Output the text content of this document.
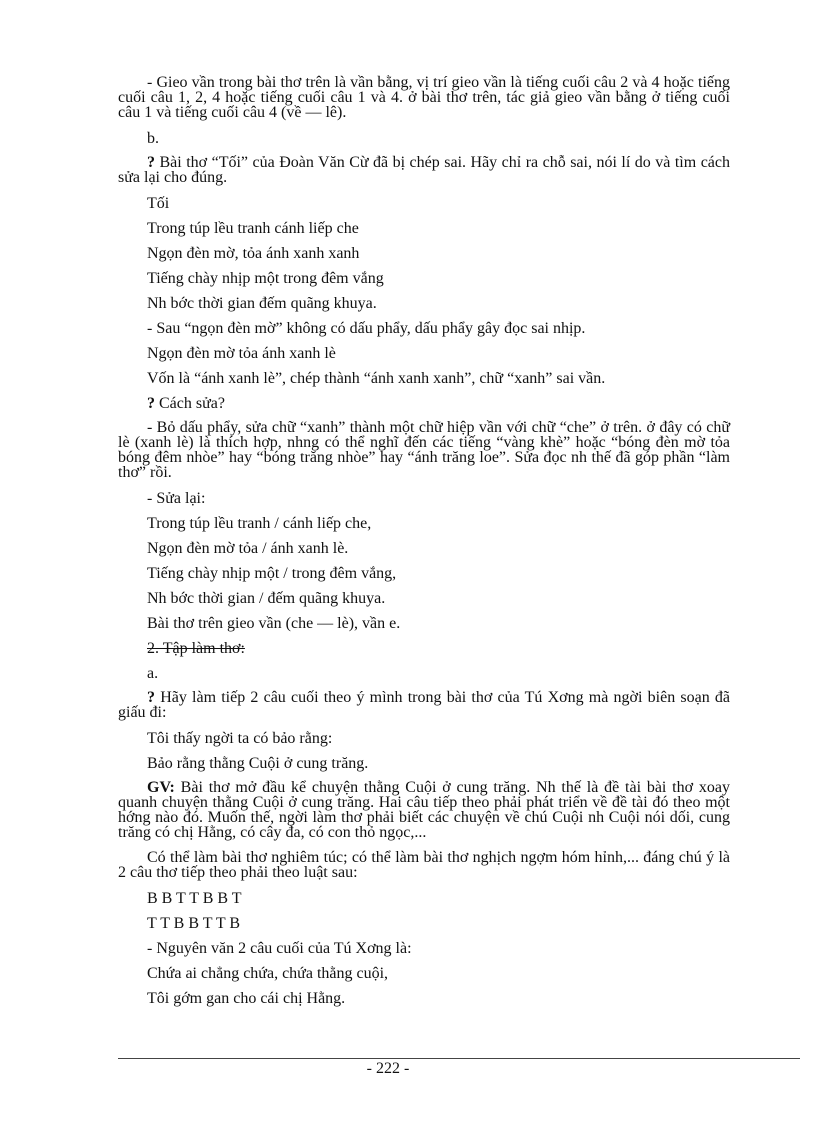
- Gieo vần trong bài thơ trên là vần bằng, vị trí gieo vần là tiếng cuối câu 2 và 4 hoặc tiếng cuối câu 1, 2, 4 hoặc tiếng cuối câu 1 và 4. ở bài thơ trên, tác giả gieo vần bằng ở tiếng cuối câu 1 và tiếng cuối câu 4 (về — lê).

b.

? Bài thơ “Tối” của Đoàn Văn Cừ đã bị chép sai. Hãy chỉ ra chỗ sai, nói lí do và tìm cách sửa lại cho đúng.

Tối

Trong túp lều tranh cánh liếp che

Ngọn đèn mờ, tỏa ánh xanh xanh

Tiếng chày nhịp một trong đêm vắng

Nh bớc thời gian đếm quãng khuya.

- Sau “ngọn đèn mờ” không có dấu phẩy, dấu phẩy gây đọc sai nhịp.

Ngọn đèn mờ tỏa ánh xanh lè

Vốn là “ánh xanh lè”, chép thành “ánh xanh xanh”, chữ “xanh” sai vần.

? Cách sửa?

- Bỏ dấu phẩy, sửa chữ “xanh” thành một chữ hiệp vần với chữ “che” ở trên. ở đây có chữ lè (xanh lè) là thích hợp, nhng có thể nghĩ đến các tiếng “vàng khè” hoặc “bóng đèn mờ tỏa bóng đêm nhòe” hay “bóng trăng nhòe” hay “ánh trăng loe”. Sửa đọc nh thế đã góp phần “làm thơ” rồi.

- Sửa lại:

Trong túp lều tranh / cánh liếp che,

Ngọn đèn mờ tỏa / ánh xanh lè.

Tiếng chày nhịp một / trong đêm vắng,

Nh bớc thời gian / đếm quãng khuya.

Bài thơ trên gieo vần (che — lè), vần e.

2. Tập làm thơ:

a.

? Hãy làm tiếp 2 câu cuối theo ý mình trong bài thơ của Tú Xơng mà ngời biên soạn đã giấu đi:

Tôi thấy ngời ta có bảo rằng:

Bảo rằng thằng Cuội ở cung trăng.

GV: Bài thơ mở đầu kể chuyện thằng Cuội ở cung trăng. Nh thế là đề tài bài thơ xoay quanh chuyện thằng Cuội ở cung trăng. Hai câu tiếp theo phải phát triển về đề tài đó theo một hớng nào đó. Muốn thế, ngời làm thơ phải biết các chuyện về chú Cuội nh Cuội nói dối, cung trăng có chị Hằng, có cây đa, có con thỏ ngọc,...

Có thể làm bài thơ nghiêm túc; có thể làm bài thơ nghịch ngợm hóm hỉnh,... đáng chú ý là 2 câu thơ tiếp theo phải theo luật sau:

B B T T B B T

T T B B T T B

- Nguyên văn 2 câu cuối của Tú Xơng là:

Chứa ai chẳng chứa, chứa thằng cuội,

Tôi gớm gan cho cái chị Hằng.

- 222 -
